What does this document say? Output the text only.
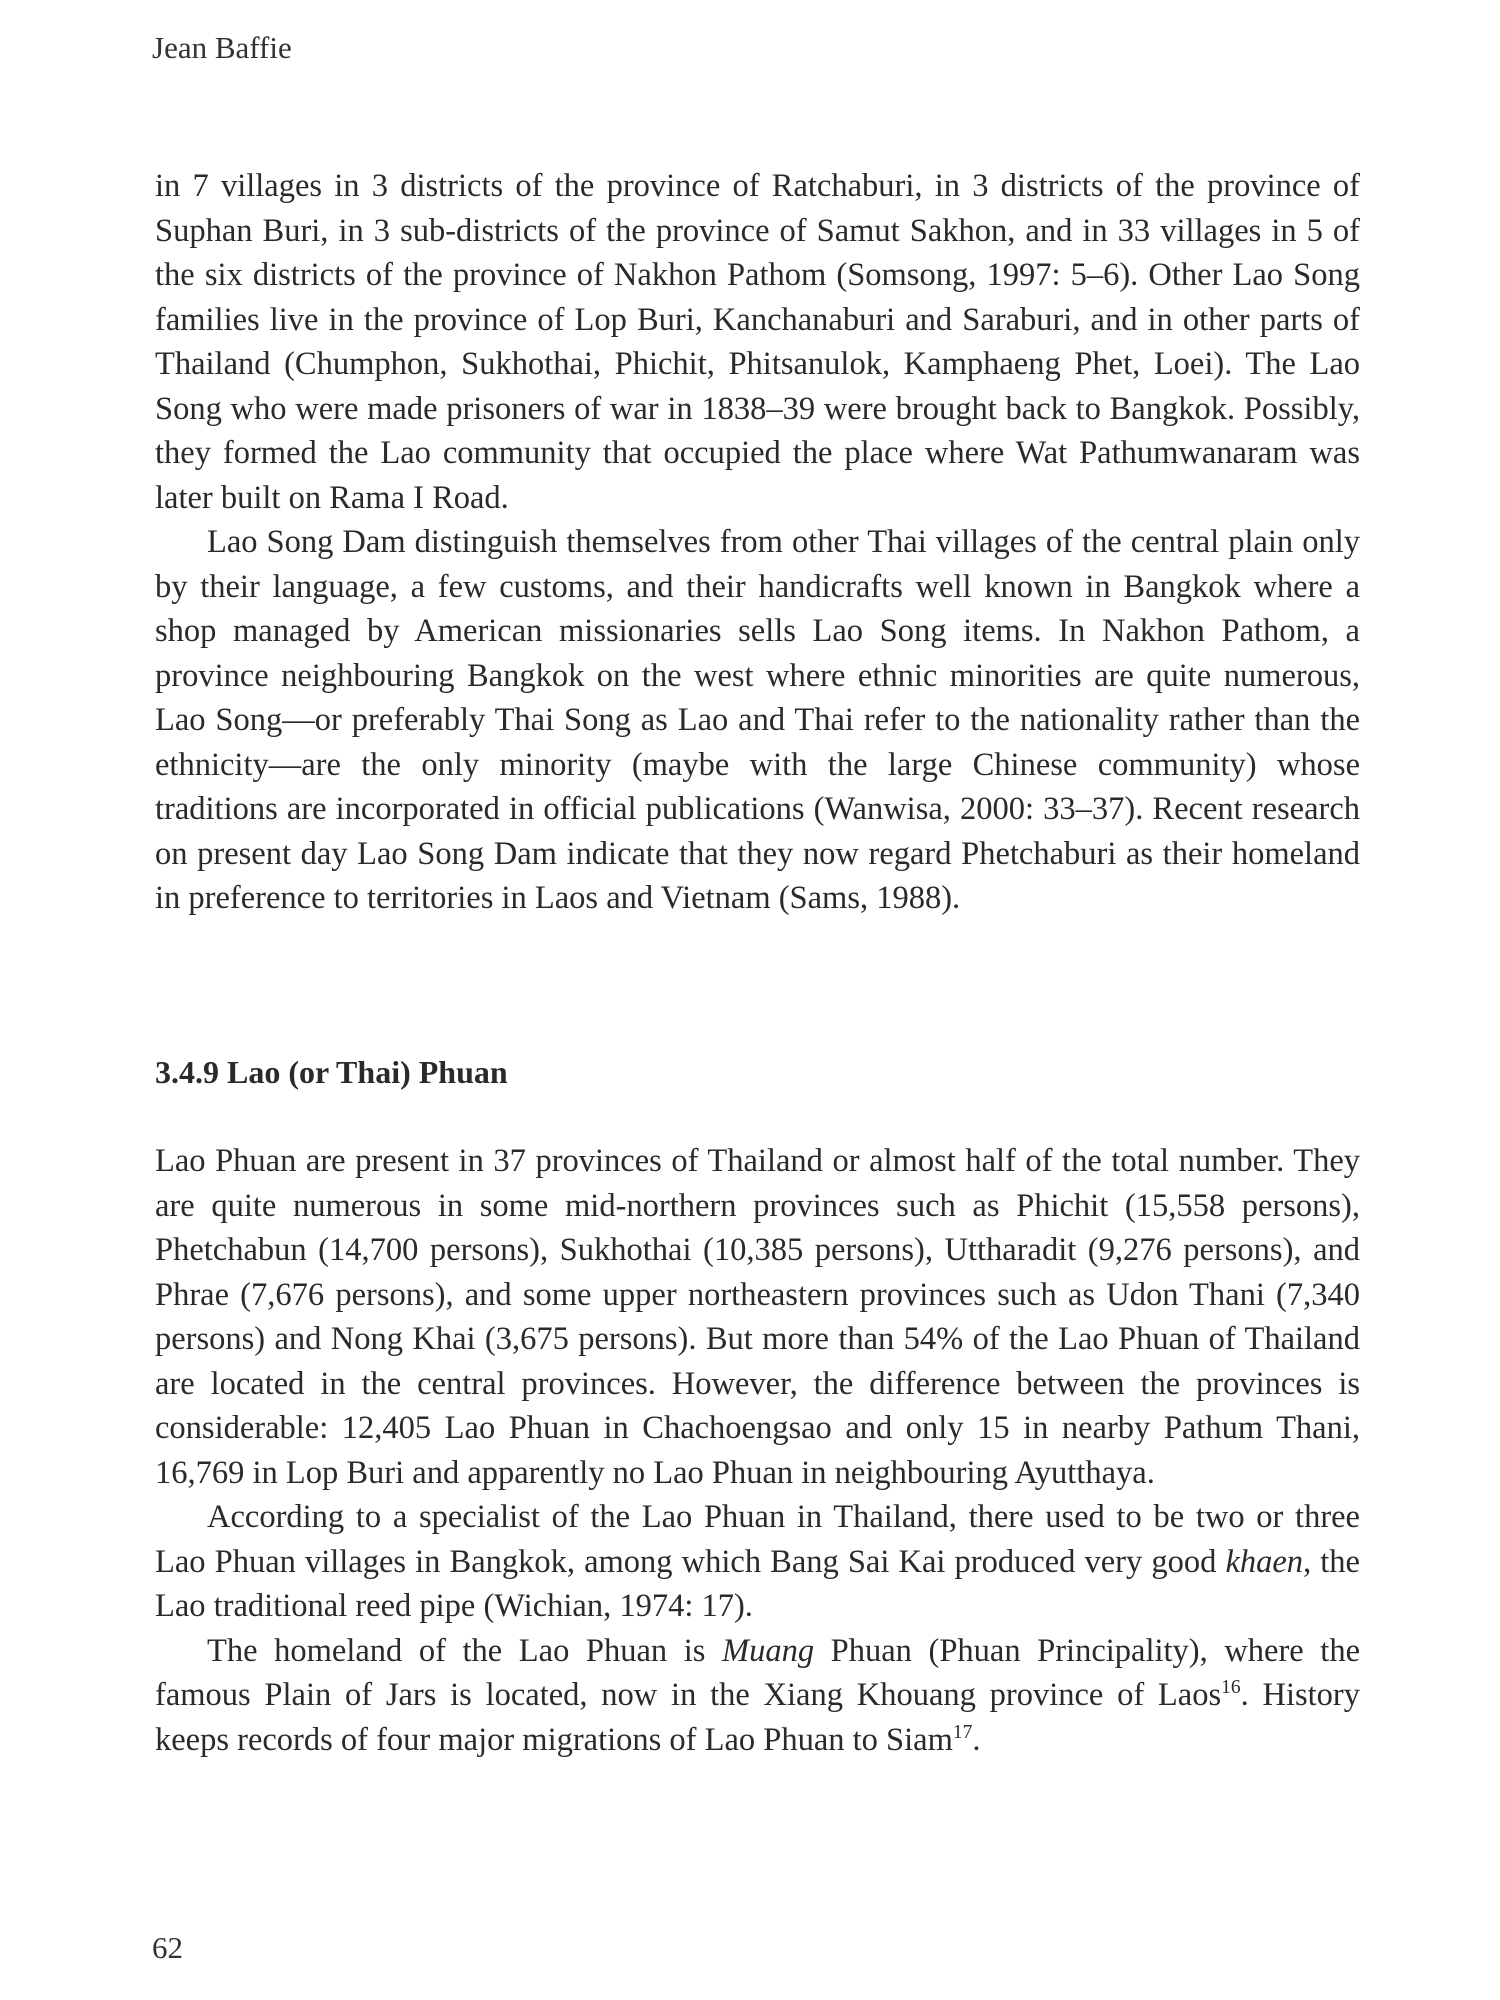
Jean Baffie

in 7 villages in 3 districts of the province of Ratchaburi, in 3 districts of the province of Suphan Buri, in 3 sub-districts of the province of Samut Sakhon, and in 33 villages in 5 of the six districts of the province of Nakhon Pathom (Somsong, 1997: 5–6). Other Lao Song families live in the province of Lop Buri, Kanchanaburi and Saraburi, and in other parts of Thailand (Chumphon, Sukhothai, Phichit, Phitsanulok, Kamphaeng Phet, Loei). The Lao Song who were made prisoners of war in 1838–39 were brought back to Bangkok. Possibly, they formed the Lao community that occupied the place where Wat Pathumwanaram was later built on Rama I Road.

Lao Song Dam distinguish themselves from other Thai villages of the central plain only by their language, a few customs, and their handicrafts well known in Bangkok where a shop managed by American missionaries sells Lao Song items. In Nakhon Pathom, a province neighbouring Bangkok on the west where ethnic minorities are quite numerous, Lao Song—or preferably Thai Song as Lao and Thai refer to the nationality rather than the ethnicity—are the only minority (maybe with the large Chinese community) whose traditions are incorporated in official publications (Wanwisa, 2000: 33–37). Recent research on present day Lao Song Dam indicate that they now regard Phetchaburi as their homeland in preference to territories in Laos and Vietnam (Sams, 1988).

3.4.9 Lao (or Thai) Phuan

Lao Phuan are present in 37 provinces of Thailand or almost half of the total number. They are quite numerous in some mid-northern provinces such as Phichit (15,558 persons), Phetchabun (14,700 persons), Sukhothai (10,385 persons), Uttharadit (9,276 persons), and Phrae (7,676 persons), and some upper northeastern provinces such as Udon Thani (7,340 persons) and Nong Khai (3,675 persons). But more than 54% of the Lao Phuan of Thailand are located in the central provinces. However, the difference between the provinces is considerable: 12,405 Lao Phuan in Chachoengsao and only 15 in nearby Pathum Thani, 16,769 in Lop Buri and apparently no Lao Phuan in neighbouring Ayutthaya.

According to a specialist of the Lao Phuan in Thailand, there used to be two or three Lao Phuan villages in Bangkok, among which Bang Sai Kai produced very good khaen, the Lao traditional reed pipe (Wichian, 1974: 17).

The homeland of the Lao Phuan is Muang Phuan (Phuan Principality), where the famous Plain of Jars is located, now in the Xiang Khouang province of Laos$^{16}$. History keeps records of four major migrations of Lao Phuan to Siam$^{17}$.

62
